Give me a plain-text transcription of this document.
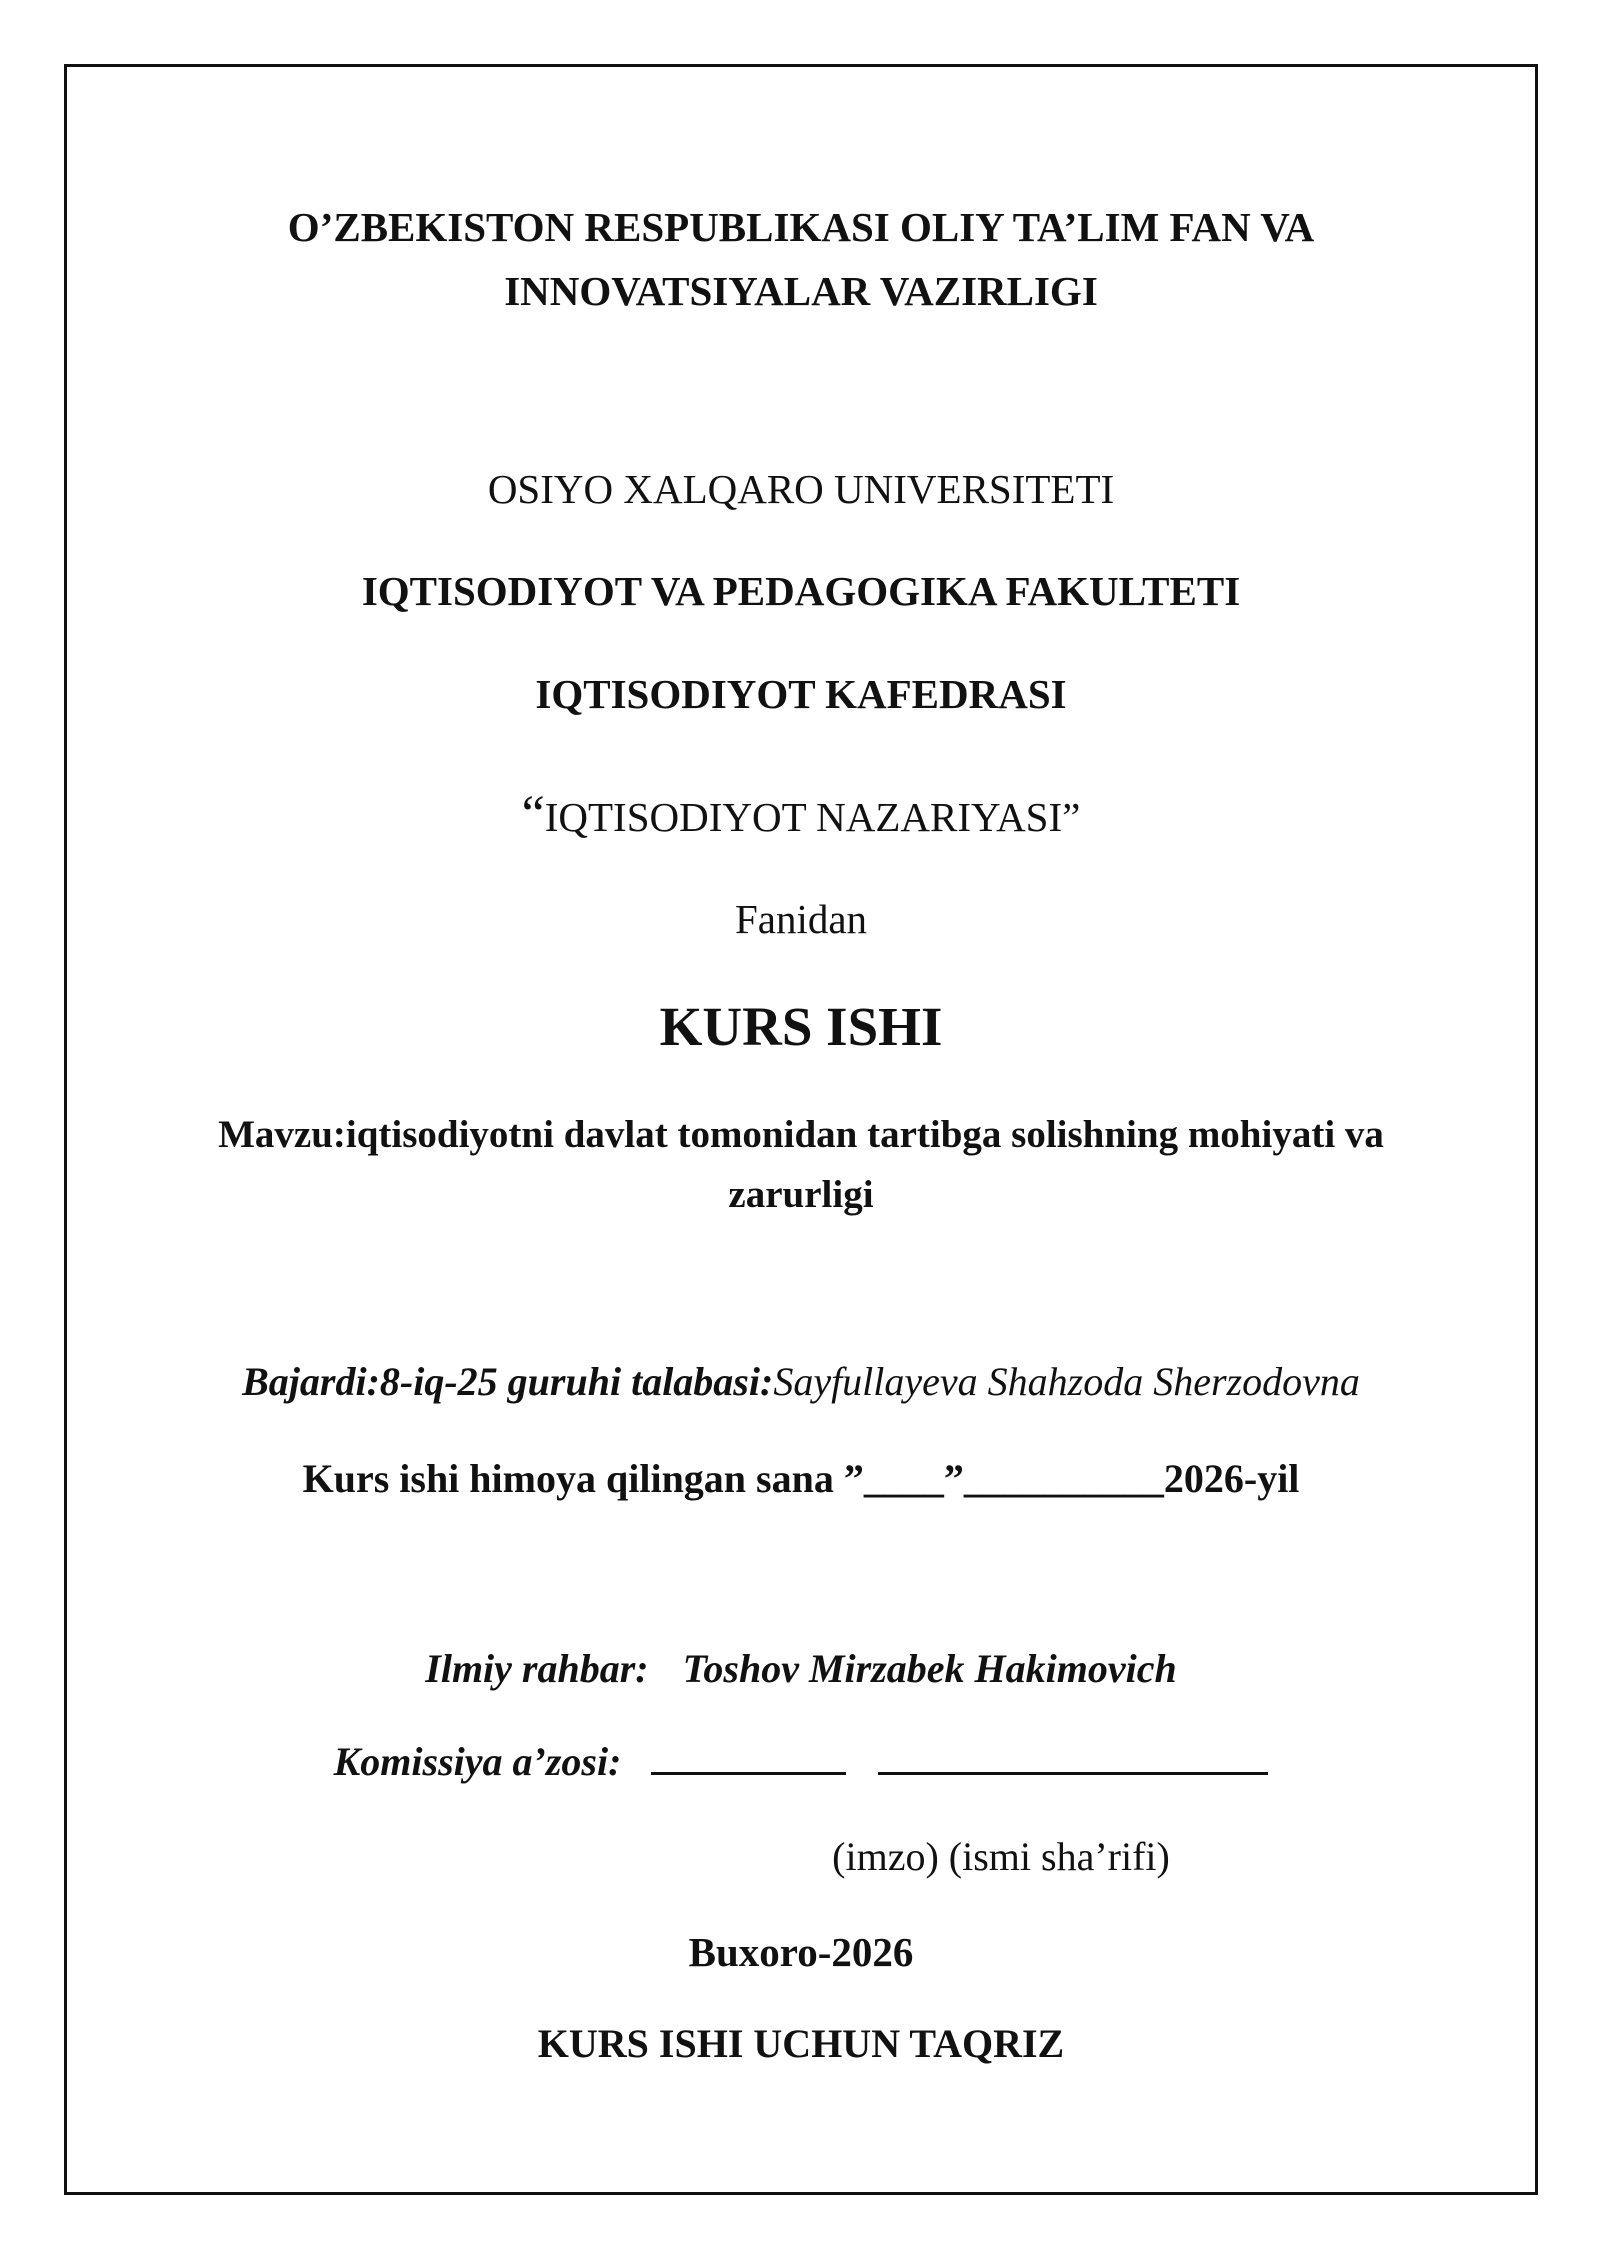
O’ZBEKISTON RESPUBLIKASI OLIY TA’LIM FAN VA
INNOVATSIYALAR VAZIRLIGI
OSIYO XALQARO UNIVERSITETI
IQTISODIYOT VA PEDAGOGIKA FAKULTETI
IQTISODIYOT KAFEDRASI
“IQTISODIYOT NAZARIYASI”
Fanidan
KURS ISHI
Mavzu:iqtisodiyotni davlat tomonidan tartibga solishning mohiyati va
zarurligi
Bajardi:8-iq-25 guruhi talabasi:Sayfullayeva Shahzoda Sherzodovna
Kurs ishi himoya qilingan sana ”____”__________2026-yil
Ilmiy rahbar: Toshov Mirzabek Hakimovich
Komissiya a’zosi:
(imzo) (ismi sha’rifi)
Buxoro-2026
KURS ISHI UCHUN TAQRIZ
